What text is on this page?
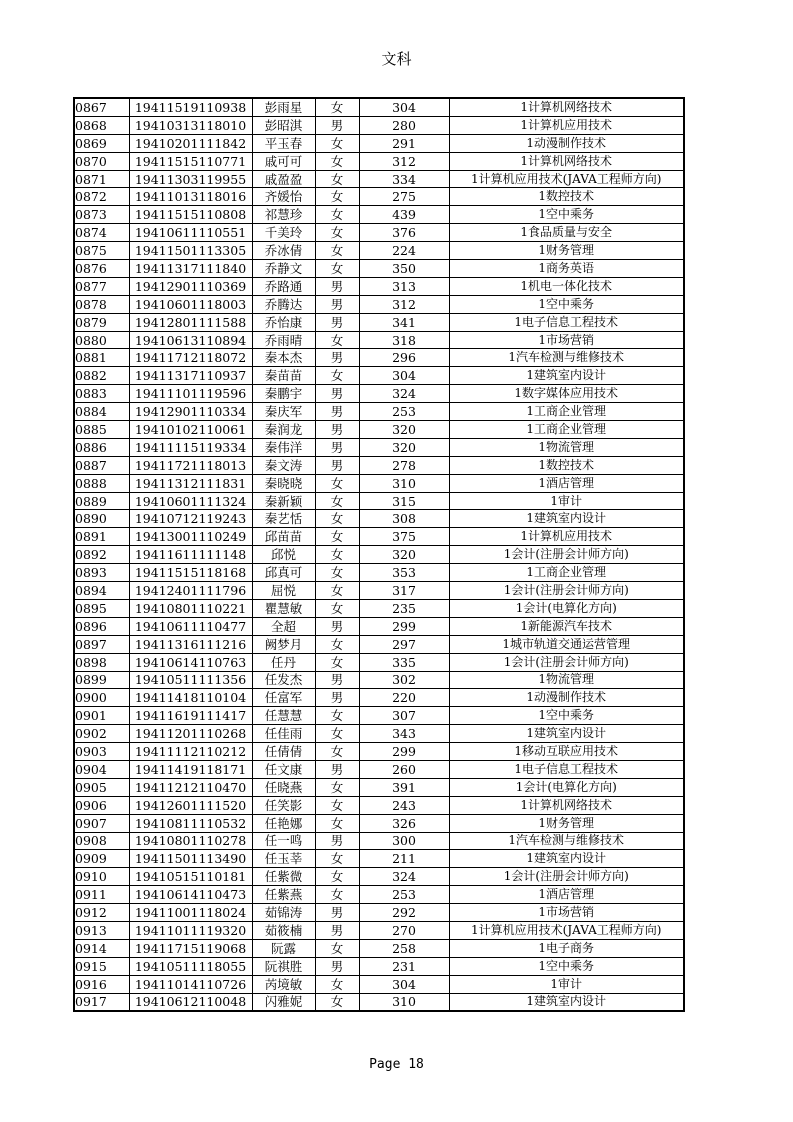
文科
0867	19411519110938	彭雨星	女	304	1计算机网络技术
0868	19410313118010	彭昭淇	男	280	1计算机应用技术
0869	19410201111842	平玉春	女	291	1动漫制作技术
0870	19411515110771	戚可可	女	312	1计算机网络技术
0871	19411303119955	戚盈盈	女	334	1计算机应用技术(JAVA工程师方向)
0872	19411013118016	齐媛怡	女	275	1数控技术
0873	19411515110808	祁慧珍	女	439	1空中乘务
0874	19410611110551	千美玲	女	376	1食品质量与安全
0875	19411501113305	乔冰倩	女	224	1财务管理
0876	19411317111840	乔静文	女	350	1商务英语
0877	19412901110369	乔路通	男	313	1机电一体化技术
0878	19410601118003	乔腾达	男	312	1空中乘务
0879	19412801111588	乔怡康	男	341	1电子信息工程技术
0880	19410613110894	乔雨晴	女	318	1市场营销
0881	19411712118072	秦本杰	男	296	1汽车检测与维修技术
0882	19411317110937	秦苗苗	女	304	1建筑室内设计
0883	19411101119596	秦鹏宇	男	324	1数字媒体应用技术
0884	19412901110334	秦庆军	男	253	1工商企业管理
0885	19410102110061	秦润龙	男	320	1工商企业管理
0886	19411115119334	秦伟洋	男	320	1物流管理
0887	19411721118013	秦文涛	男	278	1数控技术
0888	19411312111831	秦晓晓	女	310	1酒店管理
0889	19410601111324	秦新颖	女	315	1审计
0890	19410712119243	秦艺恬	女	308	1建筑室内设计
0891	19413001110249	邱苗苗	女	375	1计算机应用技术
0892	19411611111148	邱悦	女	320	1会计(注册会计师方向)
0893	19411515118168	邱真可	女	353	1工商企业管理
0894	19412401111796	屈悦	女	317	1会计(注册会计师方向)
0895	19410801110221	瞿慧敏	女	235	1会计(电算化方向)
0896	19410611110477	全超	男	299	1新能源汽车技术
0897	19411316111216	阙梦月	女	297	1城市轨道交通运营管理
0898	19410614110763	任丹	女	335	1会计(注册会计师方向)
0899	19410511111356	任发杰	男	302	1物流管理
0900	19411418110104	任富军	男	220	1动漫制作技术
0901	19411619111417	任慧慧	女	307	1空中乘务
0902	19411201110268	任佳雨	女	343	1建筑室内设计
0903	19411112110212	任倩倩	女	299	1移动互联应用技术
0904	19411419118171	任文康	男	260	1电子信息工程技术
0905	19411212110470	任晓燕	女	391	1会计(电算化方向)
0906	19412601111520	任笑影	女	243	1计算机网络技术
0907	19410811110532	任艳娜	女	326	1财务管理
0908	19410801110278	任一鸣	男	300	1汽车检测与维修技术
0909	19411501113490	任玉莘	女	211	1建筑室内设计
0910	19410515110181	任紫微	女	324	1会计(注册会计师方向)
0911	19410614110473	任紫燕	女	253	1酒店管理
0912	19411001118024	茹锦涛	男	292	1市场营销
0913	19411011119320	茹筱楠	男	270	1计算机应用技术(JAVA工程师方向)
0914	19411715119068	阮露	女	258	1电子商务
0915	19410511118055	阮祺胜	男	231	1空中乘务
0916	19411014110726	芮境敏	女	304	1审计
0917	19410612110048	闪雅妮	女	310	1建筑室内设计
Page 18
